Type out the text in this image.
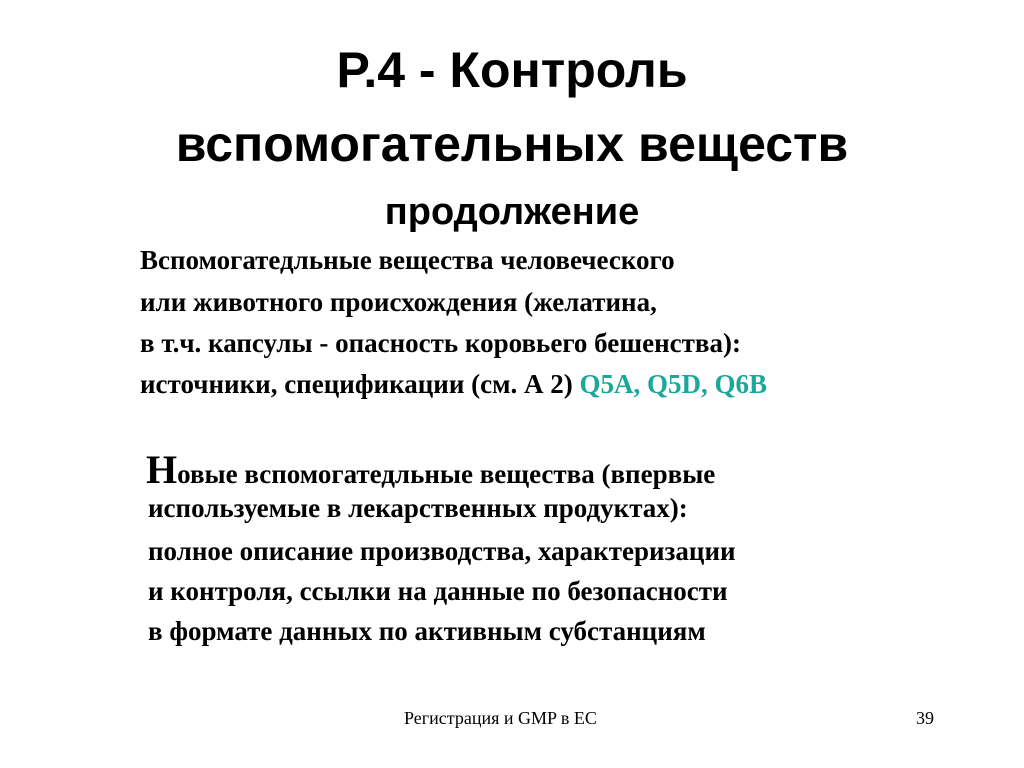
P.4 - Контроль
вспомогательных веществ
продолжение
Вспомогатедльные вещества человеческого
или животного происхождения (желатина,
в т.ч. капсулы - опасность коровьего бешенства):
источники, спецификации (см. А 2) Q5A, Q5D, Q6B
Новые вспомогатедльные вещества (впервые
используемые в лекарственных продуктах):
полное описание производства, характеризации
и контроля, ссылки на данные по безопасности
в формате данных по активным субстанциям
Регистрация и GMP в ЕС	39
